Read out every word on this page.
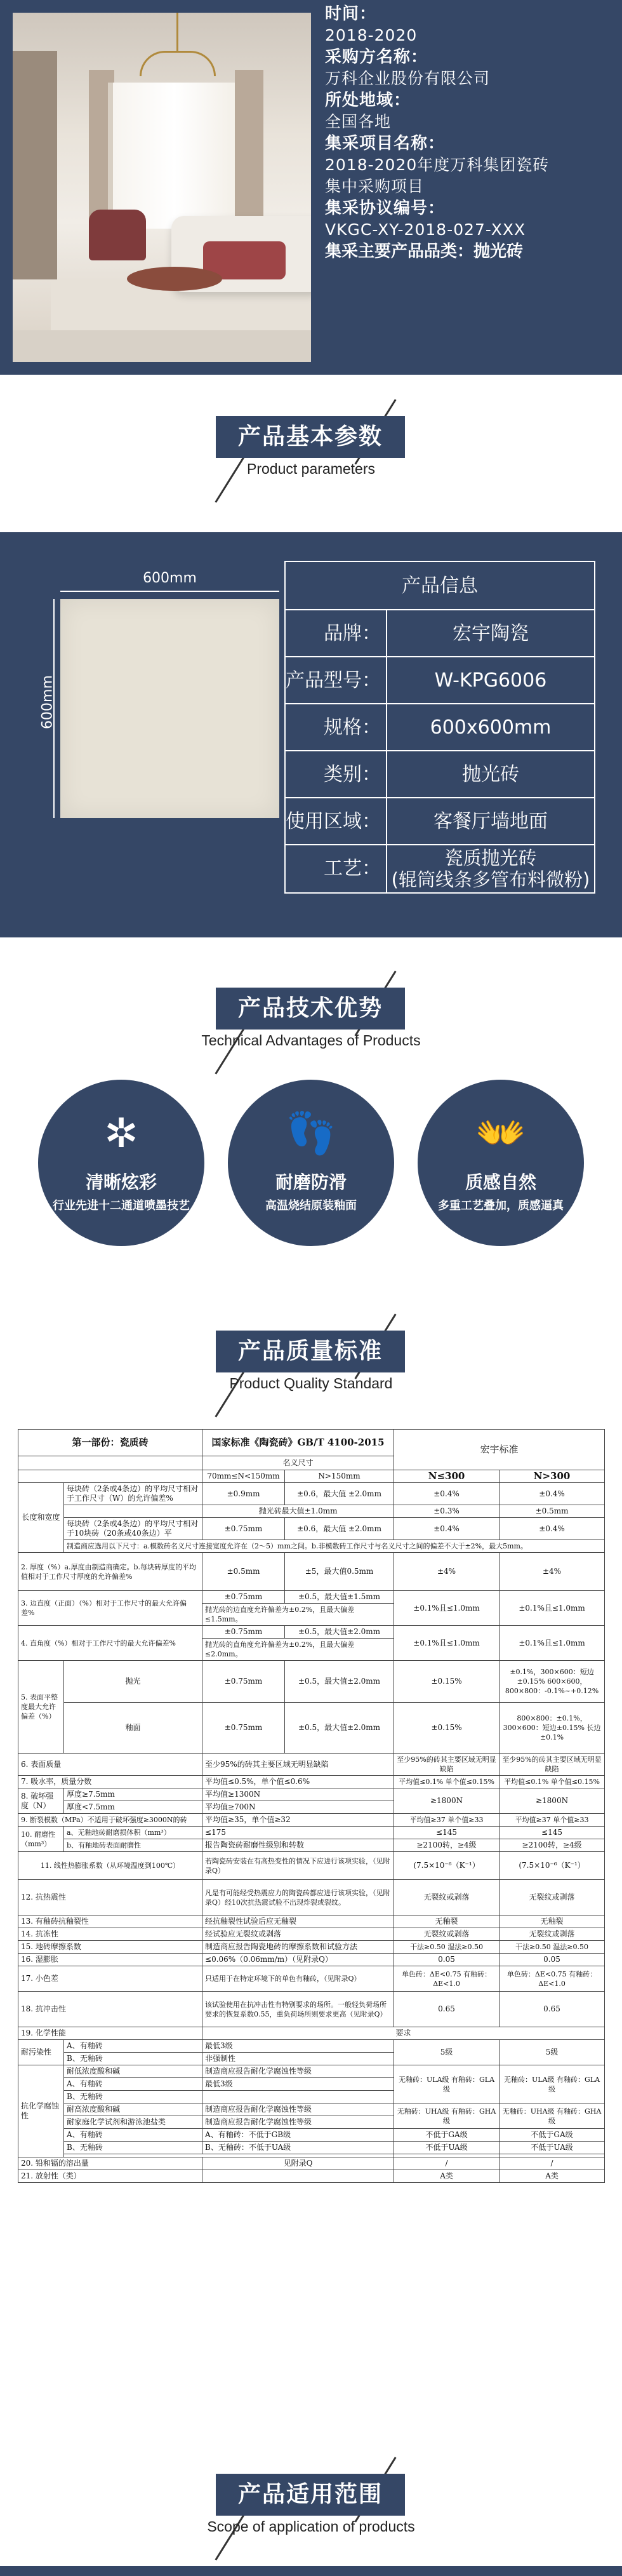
时间：
2018-2020
采购方名称：
万科企业股份有限公司
所处地域：
全国各地
集采项目名称：
2018-2020年度万科集团瓷砖
集中采购项目
集采协议编号：
VKGC-XY-2018-027-XXX
集采主要产品品类：抛光砖
产品基本参数
Product parameters
600mm
600mm
产品信息
品牌：	宏宇陶瓷
产品型号：	W-KPG6006
规格：	600x600mm
类别：	抛光砖
使用区域：	客餐厅墙地面
工艺：	瓷质抛光砖
(辊筒线条多管布料微粉)
产品技术优势
Technical Advantages of Products
✲
清晰炫彩
行业先进十二通道喷墨技艺
👣
耐磨防滑
高温烧结原装釉面
👐
质感自然
多重工艺叠加，质感逼真
产品质量标准
Product Quality Standard
第一部份：瓷质砖		国家标准《陶瓷砖》GB/T 4100-2015		宏宇标准	
		名义尺寸			
		70mm≤N<150mm	N>150mm	N≤300	N>300
长度和宽度	每块砖（2条或4条边）的平均尺寸相对于工作尺寸（W）的允许偏差%	±0.9mm	±0.6，最大值 ±2.0mm	±0.4%	±0.4%
		抛光砖最大值±1.0mm		±0.3%	±0.5mm
	每块砖（2条或4条边）的平均尺寸相对于10块砖（20条或40条边）平	±0.75mm	±0.6，最大值 ±2.0mm	±0.4%	±0.4%
	制造商应选用以下尺寸：a.模数砖名义尺寸连接宽度允许在（2～5）mm之间。b.非模数砖工作尺寸与名义尺寸之间的偏差不大于±2%，最大5mm。				
2. 厚度（%）a.厚度由制造商确定。b.每块砖厚度的平均值相对于工作尺寸厚度的允许偏差%		±0.5mm	±5，最大值0.5mm	±4%	±4%
3. 边直度（正面）（%）相对于工作尺寸的最大允许偏差%		±0.75mm	±0.5，最大值±1.5mm	±0.1%且≤1.0mm	±0.1%且≤1.0mm
		抛光砖的边直度允许偏差为±0.2%，且最大偏差≤1.5mm。			
4. 直角度（%）相对于工作尺寸的最大允许偏差%		±0.75mm	±0.5，最大值±2.0mm	±0.1%且≤1.0mm	±0.1%且≤1.0mm
		抛光砖的直角度允许偏差为±0.2%，且最大偏差≤2.0mm。			
5. 表面平整度最大允许偏差（%）	抛光	±0.75mm	±0.5，最大值±2.0mm	±0.15%	±0.1%，300×600：短边±0.15% 600×600，800×800：-0.1%~+0.12%
	釉面	±0.75mm	±0.5，最大值±2.0mm	±0.15%	800×800：±0.1%，300×600：短边±0.15% 长边±0.1%
6. 表面质量		至少95%的砖其主要区域无明显缺陷		至少95%的砖其主要区域无明显缺陷	至少95%的砖其主要区域无明显缺陷
7. 吸水率，质量分数		平均值≤0.5%，单个值≤0.6%		平均值≤0.1% 单个值≤0.15%	平均值≤0.1% 单个值≤0.15%
8. 破坏强度（N）	厚度≥7.5mm	平均值≥1300N		≥1800N	≥1800N
	厚度<7.5mm	平均值≥700N			
9. 断裂模数（MPa）不适用于破坏强度≥3000N的砖		平均值≥35，单个值≥32		平均值≥37 单个值≥33	平均值≥37 单个值≥33
10. 耐磨性（mm³）	a、无釉地砖耐磨损体积（mm³）	≤175		≤145	≤145
	b、有釉地砖表面耐磨性	报告陶瓷砖耐磨性级别和转数		≥2100转，≥4级	≥2100转，≥4级
11. 线性热膨胀系数（从环境温度到100℃）		若陶瓷砖安装在有高热变性的情况下应进行该项实验，（见附录Q）		(7.5×10⁻⁶（K⁻¹）	(7.5×10⁻⁶（K⁻¹）
12. 抗热震性		凡是有可能经受热震应力的陶瓷砖都应进行该项实验，（见附录Q）经10次抗热震试验不出现炸裂或裂纹。		无裂纹或剥落	无裂纹或剥落
13. 有釉砖抗釉裂性		经抗釉裂性试验后应无釉裂		无釉裂	无釉裂
14. 抗冻性		经试验应无裂纹或剥落		无裂纹或剥落	无裂纹或剥落
15. 地砖摩擦系数		制造商应报告陶瓷地砖的摩擦系数和试验方法		干法≥0.50 湿法≥0.50	干法≥0.50 湿法≥0.50
16. 湿膨胀		≤0.06%（0.06mm/m）（见附录Q）		0.05	0.05
17. 小色差		只适用于在特定环境下的单色有釉砖，（见附录Q）		单色砖：ΔE<0.75 有釉砖：ΔE<1.0	单色砖：ΔE<0.75 有釉砖：ΔE<1.0
18. 抗冲击性		该试验使用在抗冲击性有特别要求的场所。一般轻负荷场所要求的恢复系数0.55，重负荷场所则要求更高（见附录Q）		0.65	0.65
19. 化学性能		要求			
耐污染性	A、有釉砖	最低3级		5级	5级
	B、无釉砖	非强制性			
抗化学腐蚀性	耐低浓度酸和碱	制造商应报告耐化学腐蚀性等级		无釉砖：ULA级 有釉砖：GLA级	无釉砖：ULA级 有釉砖：GLA级
	A、有釉砖	最低3级			
	B、无釉砖				
	耐高浓度酸和碱	制造商应报告耐化学腐蚀性等级		无釉砖：UHA级 有釉砖：GHA级	无釉砖：UHA级 有釉砖：GHA级
	耐家庭化学试剂和游泳池盐类	制造商应报告耐化学腐蚀性等级			
	A、有釉砖	A、有釉砖：不低于GB级		不低于GA级	不低于GA级
	B、无釉砖	B、无釉砖：不低于UA级		不低于UA级	不低于UA级

20. 铅和镉的溶出量		见附录Q		/	/
21. 放射性（类）				A类	A类
产品适用范围
Scope of application of products
